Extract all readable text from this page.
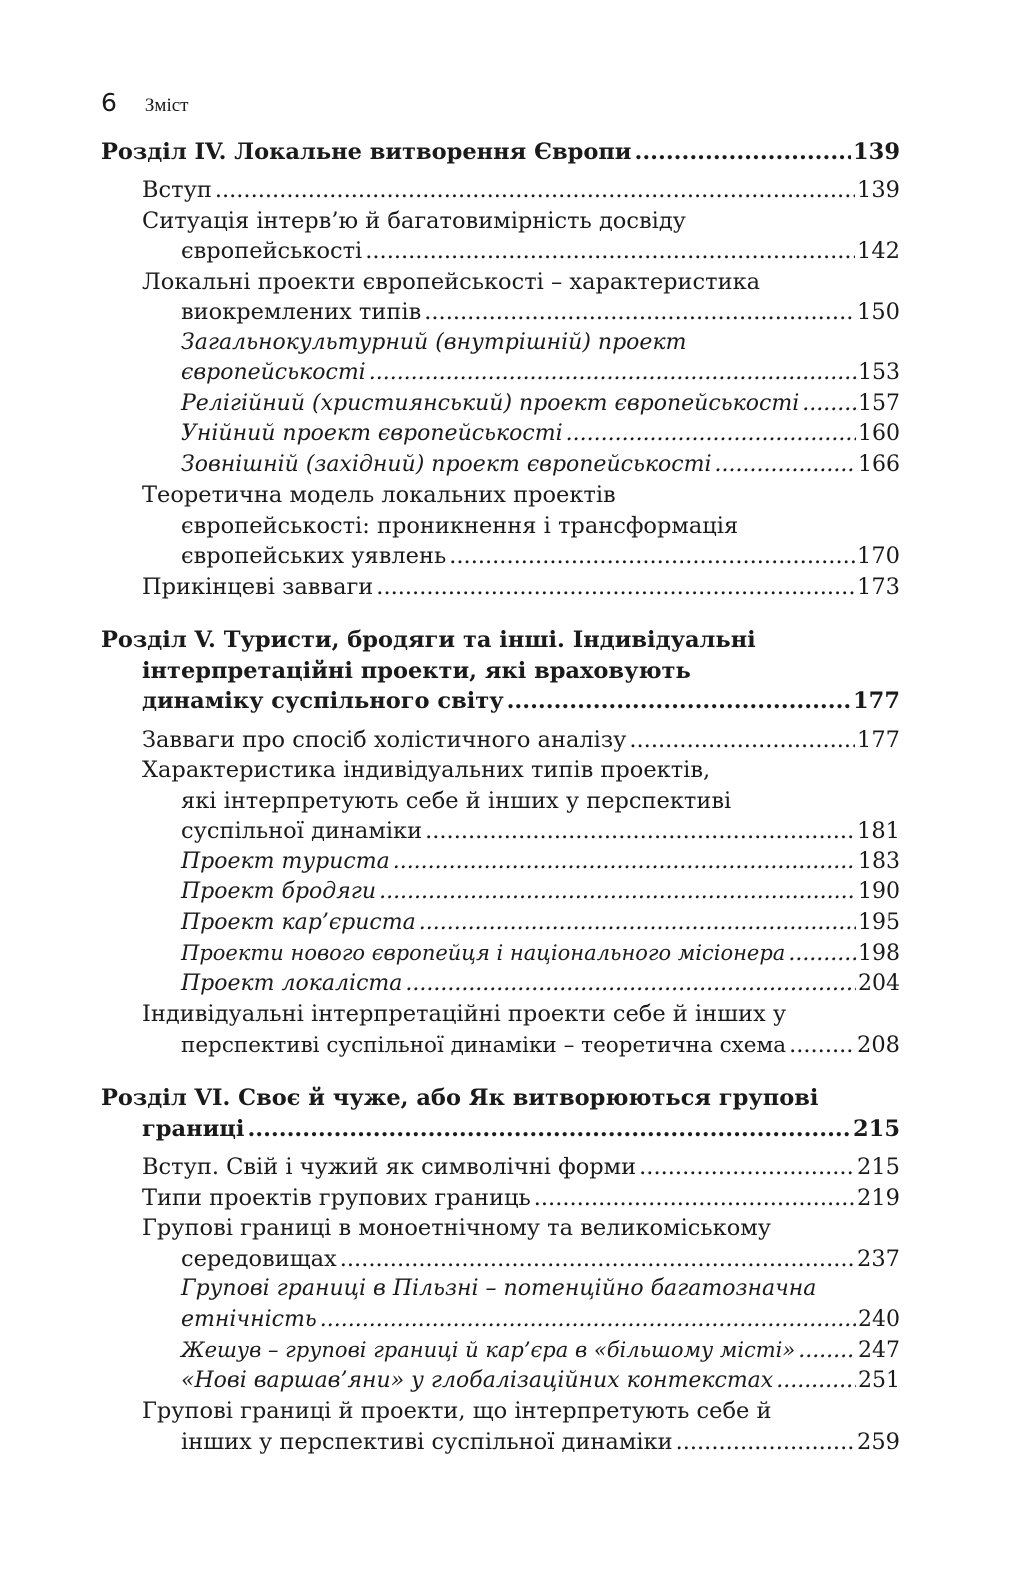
6 Зміст
Розділ IV. Локальне витворення Європи .....	139
Вступ .....	139
Ситуація інтерв’ю й багатовимірність досвіду
європейськості .....	142
Локальні проекти європейськості – характеристика
виокремлених типів .....	150
Загальнокультурний (внутрішній) проект
європейськості .....	153
Релігійний (християнський) проект європейськості .....	157
Унійний проект європейськості .....	160
Зовнішній (західний) проект європейськості .....	166
Теоретична модель локальних проектів
європейськості: проникнення і трансформація
європейських уявлень .....	170
Прикінцеві завваги .....	173
Розділ V. Туристи, бродяги та інші. Індивідуальні
інтерпретаційні проекти, які враховують
динаміку суспільного світу .....	177
Завваги про спосіб холістичного аналізу .....	177
Характеристика індивідуальних типів проектів,
які інтерпретують себе й інших у перспективі
суспільної динаміки .....	181
Проект туриста .....	183
Проект бродяги .....	190
Проект кар’єриста .....	195
Проекти нового європейця і національного місіонера .....	198
Проект локаліста .....	204
Індивідуальні інтерпретаційні проекти себе й інших у
перспективі суспільної динаміки – теоретична схема .....	208
Розділ VI. Своє й чуже, або Як витворюються групові
границі .....	215
Вступ. Свій і чужий як символічні форми .....	215
Типи проектів групових границь .....	219
Групові границі в моноетнічному та великоміському
середовищах .....	237
Групові границі в Пільзні – потенційно багатозначна
етнічність .....	240
Жешув – групові границі й кар’єра в «більшому місті» .....	247
«Нові варшав’яни» у глобалізаційних контекстах .....	251
Групові границі й проекти, що інтерпретують себе й
інших у перспективі суспільної динаміки .....	259
